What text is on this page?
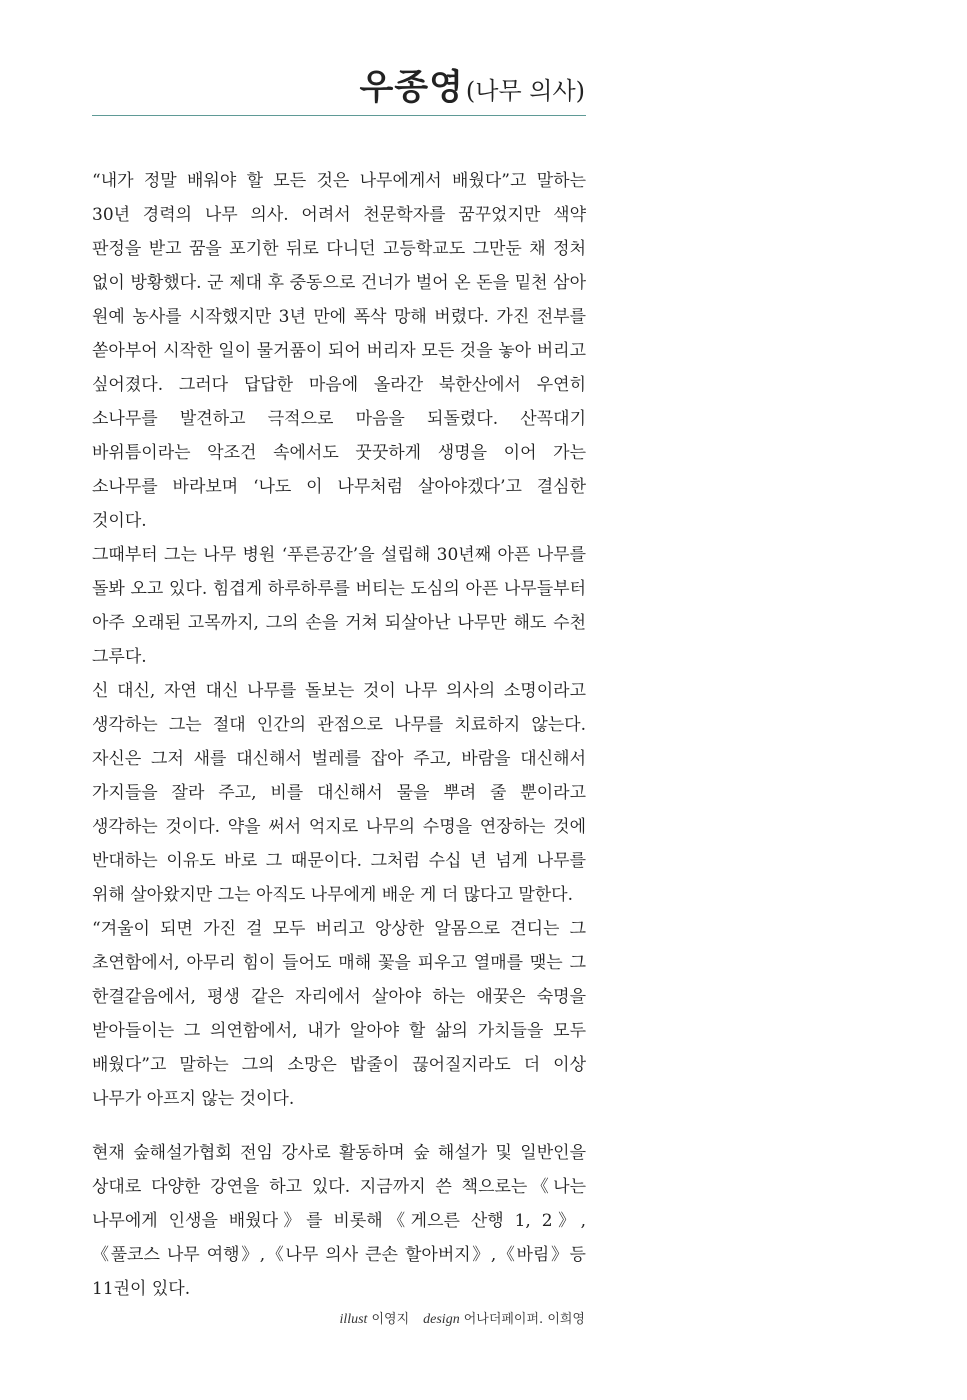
우종영(나무 의사)

“내가 정말 배워야 할 모든 것은 나무에게서 배웠다”고 말하는 30년 경력의 나무 의사. 어려서 천문학자를 꿈꾸었지만 색약 판정을 받고 꿈을 포기한 뒤로 다니던 고등학교도 그만둔 채 정처 없이 방황했다. 군 제대 후 중동으로 건너가 벌어 온 돈을 밑천 삼아 원예 농사를 시작했지만 3년 만에 폭삭 망해 버렸다. 가진 전부를 쏟아부어 시작한 일이 물거품이 되어 버리자 모든 것을 놓아 버리고 싶어졌다. 그러다 답답한 마음에 올라간 북한산에서 우연히 소나무를 발견하고 극적으로 마음을 되돌렸다. 산꼭대기 바위틈이라는 악조건 속에서도 꿋꿋하게 생명을 이어 가는 소나무를 바라보며 ‘나도 이 나무처럼 살아야겠다’고 결심한 것이다.

그때부터 그는 나무 병원 ‘푸른공간’을 설립해 30년째 아픈 나무를 돌봐 오고 있다. 힘겹게 하루하루를 버티는 도심의 아픈 나무들부터 아주 오래된 고목까지, 그의 손을 거쳐 되살아난 나무만 해도 수천 그루다.

신 대신, 자연 대신 나무를 돌보는 것이 나무 의사의 소명이라고 생각하는 그는 절대 인간의 관점으로 나무를 치료하지 않는다. 자신은 그저 새를 대신해서 벌레를 잡아 주고, 바람을 대신해서 가지들을 잘라 주고, 비를 대신해서 물을 뿌려 줄 뿐이라고 생각하는 것이다. 약을 써서 억지로 나무의 수명을 연장하는 것에 반대하는 이유도 바로 그 때문이다. 그처럼 수십 년 넘게 나무를 위해 살아왔지만 그는 아직도 나무에게 배운 게 더 많다고 말한다.

“겨울이 되면 가진 걸 모두 버리고 앙상한 알몸으로 견디는 그 초연함에서, 아무리 힘이 들어도 매해 꽃을 피우고 열매를 맺는 그 한결같음에서, 평생 같은 자리에서 살아야 하는 애꿎은 숙명을 받아들이는 그 의연함에서, 내가 알아야 할 삶의 가치들을 모두 배웠다”고 말하는 그의 소망은 밥줄이 끊어질지라도 더 이상 나무가 아프지 않는 것이다.

현재 숲해설가협회 전임 강사로 활동하며 숲 해설가 및 일반인을 상대로 다양한 강연을 하고 있다. 지금까지 쓴 책으로는《나는 나무에게 인생을 배웠다》를 비롯해《게으른 산행 1, 2》,《풀코스 나무 여행》,《나무 의사 큰손 할아버지》,《바림》등 11권이 있다.

illust 이영지 design 어나더페이퍼. 이희영
